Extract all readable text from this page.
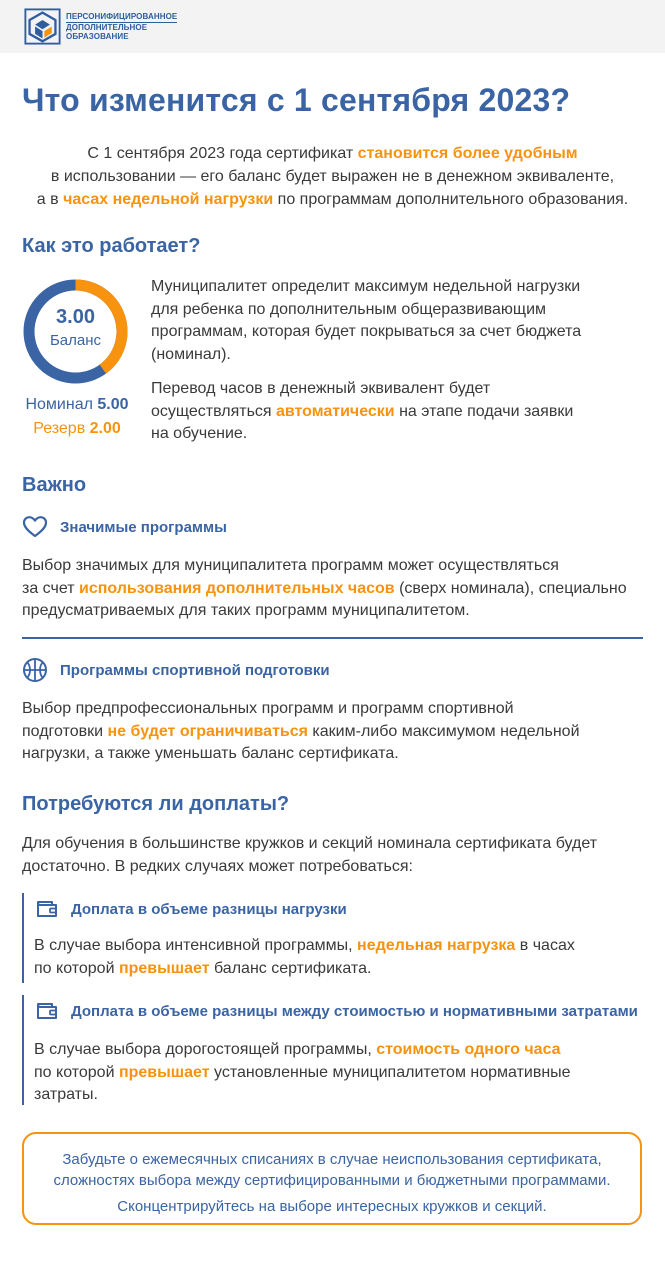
ПЕРСОНИФИЦИРОВАННОЕ
ДОПОЛНИТЕЛЬНОЕ
ОБРАЗОВАНИЕ
Что изменится с 1 сентября 2023?
С 1 сентября 2023 года сертификат становится более удобным
в использовании — его баланс будет выражен не в денежном эквиваленте,
а в часах недельной нагрузки по программам дополнительного образования.
Как это работает?
3.00
Баланс
Номинал 5.00
Резерв 2.00
Муниципалитет определит максимум недельной нагрузки
для ребенка по дополнительным общеразвивающим
программам, которая будет покрываться за счет бюджета
(номинал).
Перевод часов в денежный эквивалент будет
осуществляться автоматически на этапе подачи заявки
на обучение.
Важно
Значимые программы
Выбор значимых для муниципалитета программ может осуществляться
за счет использования дополнительных часов (сверх номинала), специально
предусматриваемых для таких программ муниципалитетом.
Программы спортивной подготовки
Выбор предпрофессиональных программ и программ спортивной
подготовки не будет ограничиваться каким-либо максимумом недельной
нагрузки, а также уменьшать баланс сертификата.
Потребуются ли доплаты?
Для обучения в большинстве кружков и секций номинала сертификата будет
достаточно. В редких случаях может потребоваться:
Доплата в объеме разницы нагрузки
В случае выбора интенсивной программы, недельная нагрузка в часах
по которой превышает баланс сертификата.
Доплата в объеме разницы между стоимостью и нормативными затратами
В случае выбора дорогостоящей программы, стоимость одного часа
по которой превышает установленные муниципалитетом нормативные
затраты.
Забудьте о ежемесячных списаниях в случае неиспользования сертификата,
сложностях выбора между сертифицированными и бюджетными программами.
Сконцентрируйтесь на выборе интересных кружков и секций.
